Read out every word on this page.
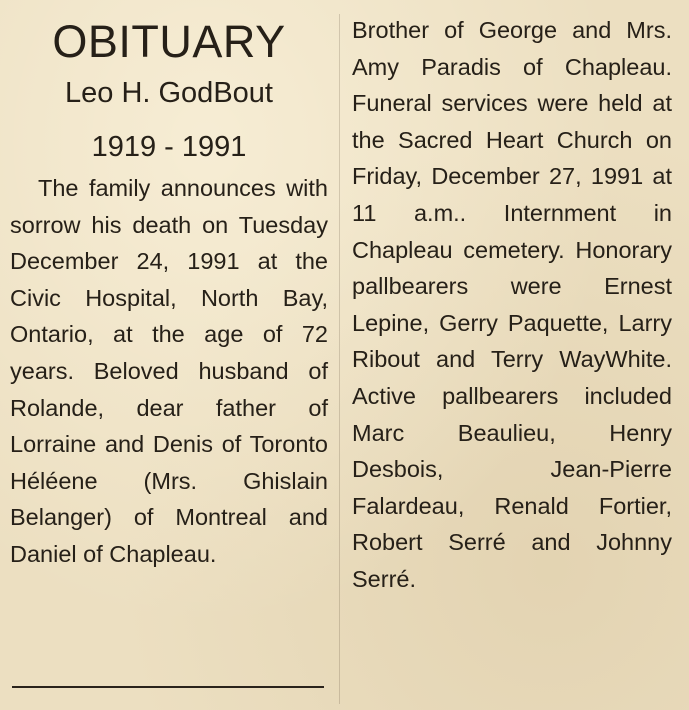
OBITUARY
Leo H. GodBout
1919 - 1991

The family announces with sorrow his death on Tuesday December 24, 1991 at the Civic Hospital, North Bay, Ontario, at the age of 72 years. Beloved husband of Rolande, dear father of Lorraine and Denis of Toronto Héléene (Mrs. Ghislain Belanger) of Montreal and Daniel of Chapleau.

Brother of George and Mrs. Amy Paradis of Chapleau. Funeral services were held at the Sacred Heart Church on Friday, December 27, 1991 at 11 a.m.. Internment in Chapleau cemetery. Honorary pallbearers were Ernest Lepine, Gerry Paquette, Larry Ribout and Terry WayWhite. Active pallbearers included Marc Beaulieu, Henry Desbois, Jean-Pierre Falardeau, Renald Fortier, Robert Serré and Johnny Serré.
